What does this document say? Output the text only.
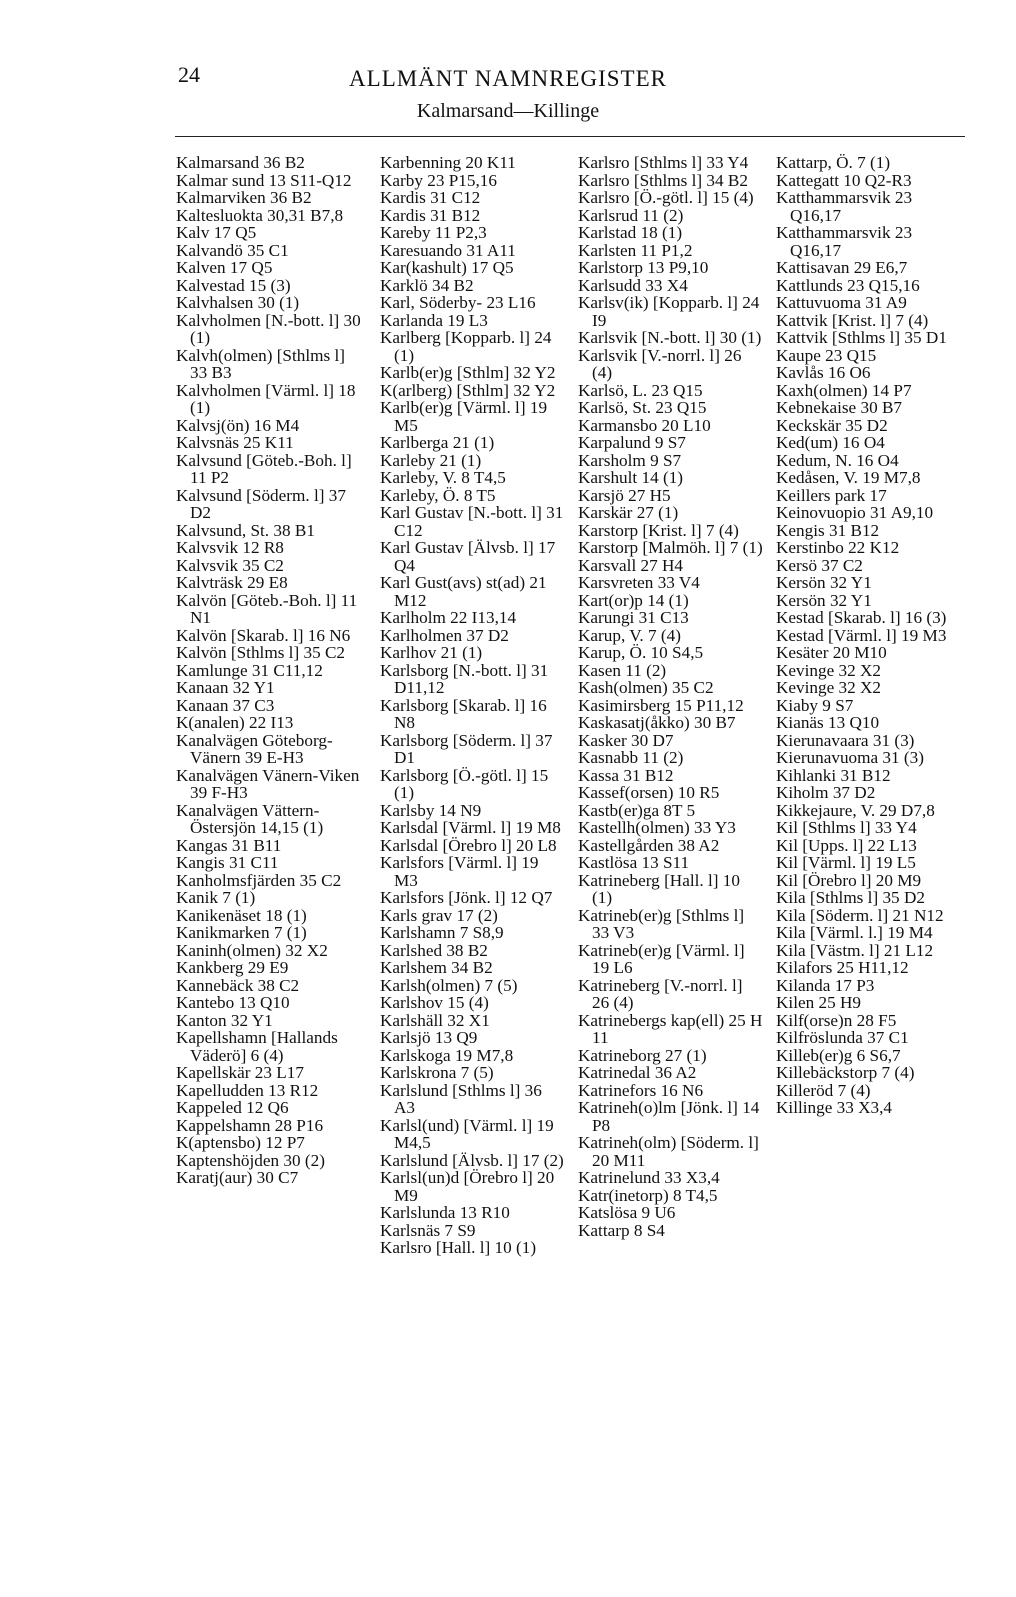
24	ALLMÄNT NAMNREGISTER
Kalmarsand—Killinge

Kalmarsand 36 B2

Kalmar sund 13 S11-Q12

Kalmarviken 36 B2

Kaltesluokta 30,31 B7,8

Kalv 17 Q5

Kalvandö 35 C1

Kalven 17 Q5

Kalvestad 15 (3)

Kalvhalsen 30 (1)

Kalvholmen [N.-bott. l] 30 (1)

Kalvh(olmen) [Sthlms l] 33 B3

Kalvholmen [Värml. l] 18 (1)

Kalvsj(ön) 16 M4

Kalvsnäs 25 K11

Kalvsund [Göteb.-Boh. l] 11 P2

Kalvsund [Söderm. l] 37 D2

Kalvsund, St. 38 B1

Kalvsvik 12 R8

Kalvsvik 35 C2

Kalvträsk 29 E8

Kalvön [Göteb.-Boh. l] 11 N1

Kalvön [Skarab. l] 16 N6

Kalvön [Sthlms l] 35 C2

Kamlunge 31 C11,12

Kanaan 32 Y1

Kanaan 37 C3

K(analen) 22 I13

Kanalvägen Göteborg-Vänern 39 E-H3

Kanalvägen Vänern-Viken 39 F-H3

Kanalvägen Vättern-Östersjön 14,15 (1)

Kangas 31 B11

Kangis 31 C11

Kanholmsfjärden 35 C2

Kanik 7 (1)

Kanikenäset 18 (1)

Kanikmarken 7 (1)

Kaninh(olmen) 32 X2

Kankberg 29 E9

Kannebäck 38 C2

Kantebo 13 Q10

Kanton 32 Y1

Kapellshamn [Hallands Väderö] 6 (4)

Kapellskär 23 L17

Kapelludden 13 R12

Kappeled 12 Q6

Kappelshamn 28 P16

K(aptensbo) 12 P7

Kaptenshöjden 30 (2)

Karatj(aur) 30 C7

Karbenning 20 K11

Karby 23 P15,16

Kardis 31 C12

Kardis 31 B12

Kareby 11 P2,3

Karesuando 31 A11

Kar(kashult) 17 Q5

Karklö 34 B2

Karl, Söderby- 23 L16

Karlanda 19 L3

Karlberg [Kopparb. l] 24 (1)

Karlb(er)g [Sthlm] 32 Y2

K(arlberg) [Sthlm] 32 Y2

Karlb(er)g [Värml. l] 19 M5

Karlberga 21 (1)

Karleby 21 (1)

Karleby, V. 8 T4,5

Karleby, Ö. 8 T5

Karl Gustav [N.-bott. l] 31 C12

Karl Gustav [Älvsb. l] 17 Q4

Karl Gust(avs) st(ad) 21 M12

Karlholm 22 I13,14

Karlholmen 37 D2

Karlhov 21 (1)

Karlsborg [N.-bott. l] 31 D11,12

Karlsborg [Skarab. l] 16 N8

Karlsborg [Söderm. l] 37 D1

Karlsborg [Ö.-götl. l] 15 (1)

Karlsby 14 N9

Karlsdal [Värml. l] 19 M8

Karlsdal [Örebro l] 20 L8

Karlsfors [Värml. l] 19 M3

Karlsfors [Jönk. l] 12 Q7

Karls grav 17 (2)

Karlshamn 7 S8,9

Karlshed 38 B2

Karlshem 34 B2

Karlsh(olmen) 7 (5)

Karlshov 15 (4)

Karlshäll 32 X1

Karlsjö 13 Q9

Karlskoga 19 M7,8

Karlskrona 7 (5)

Karlslund [Sthlms l] 36 A3

Karlsl(und) [Värml. l] 19 M4,5

Karlslund [Älvsb. l] 17 (2)

Karlsl(un)d [Örebro l] 20 M9

Karlslunda 13 R10

Karlsnäs 7 S9

Karlsro [Hall. l] 10 (1)

Karlsro [Sthlms l] 33 Y4

Karlsro [Sthlms l] 34 B2

Karlsro [Ö.-götl. l] 15 (4)

Karlsrud 11 (2)

Karlstad 18 (1)

Karlsten 11 P1,2

Karlstorp 13 P9,10

Karlsudd 33 X4

Karlsv(ik) [Kopparb. l] 24 I9

Karlsvik [N.-bott. l] 30 (1)

Karlsvik [V.-norrl. l] 26 (4)

Karlsö, L. 23 Q15

Karlsö, St. 23 Q15

Karmansbo 20 L10

Karpalund 9 S7

Karsholm 9 S7

Karshult 14 (1)

Karsjö 27 H5

Karskär 27 (1)

Karstorp [Krist. l] 7 (4)

Karstorp [Malmöh. l] 7 (1)

Karsvall 27 H4

Karsvreten 33 V4

Kart(or)p 14 (1)

Karungi 31 C13

Karup, V. 7 (4)

Karup, Ö. 10 S4,5

Kasen 11 (2)

Kash(olmen) 35 C2

Kasimirsberg 15 P11,12

Kaskasatj(åkko) 30 B7

Kasker 30 D7

Kasnabb 11 (2)

Kassa 31 B12

Kassef(orsen) 10 R5

Kastb(er)ga 8T 5

Kastellh(olmen) 33 Y3

Kastellgården 38 A2

Kastlösa 13 S11

Katrineberg [Hall. l] 10 (1)

Katrineb(er)g [Sthlms l] 33 V3

Katrineb(er)g [Värml. l] 19 L6

Katrineberg [V.-norrl. l] 26 (4)

Katrinebergs kap(ell) 25 H 11

Katrineborg 27 (1)

Katrinedal 36 A2

Katrinefors 16 N6

Katrineh(o)lm [Jönk. l] 14 P8

Katrineh(olm) [Söderm. l] 20 M11

Katrinelund 33 X3,4

Katr(inetorp) 8 T4,5

Katslösa 9 U6

Kattarp 8 S4

Kattarp, Ö. 7 (1)

Kattegatt 10 Q2-R3

Katthammarsvik 23 Q16,17

Katthammarsvik 23 Q16,17

Kattisavan 29 E6,7

Kattlunds 23 Q15,16

Kattuvuoma 31 A9

Kattvik [Krist. l] 7 (4)

Kattvik [Sthlms l] 35 D1

Kaupe 23 Q15

Kavlås 16 O6

Kaxh(olmen) 14 P7

Kebnekaise 30 B7

Keckskär 35 D2

Ked(um) 16 O4

Kedum, N. 16 O4

Kedåsen, V. 19 M7,8

Keillers park 17

Keinovuopio 31 A9,10

Kengis 31 B12

Kerstinbo 22 K12

Kersö 37 C2

Kersön 32 Y1

Kersön 32 Y1

Kestad [Skarab. l] 16 (3)

Kestad [Värml. l] 19 M3

Kesäter 20 M10

Kevinge 32 X2

Kevinge 32 X2

Kiaby 9 S7

Kianäs 13 Q10

Kierunavaara 31 (3)

Kierunavuoma 31 (3)

Kihlanki 31 B12

Kiholm 37 D2

Kikkejaure, V. 29 D7,8

Kil [Sthlms l] 33 Y4

Kil [Upps. l] 22 L13

Kil [Värml. l] 19 L5

Kil [Örebro l] 20 M9

Kila [Sthlms l] 35 D2

Kila [Söderm. l] 21 N12

Kila [Värml. l.] 19 M4

Kila [Västm. l] 21 L12

Kilafors 25 H11,12

Kilanda 17 P3

Kilen 25 H9

Kilf(orse)n 28 F5

Kilfröslunda 37 C1

Killeb(er)g 6 S6,7

Killebäckstorp 7 (4)

Killeröd 7 (4)

Killinge 33 X3,4
